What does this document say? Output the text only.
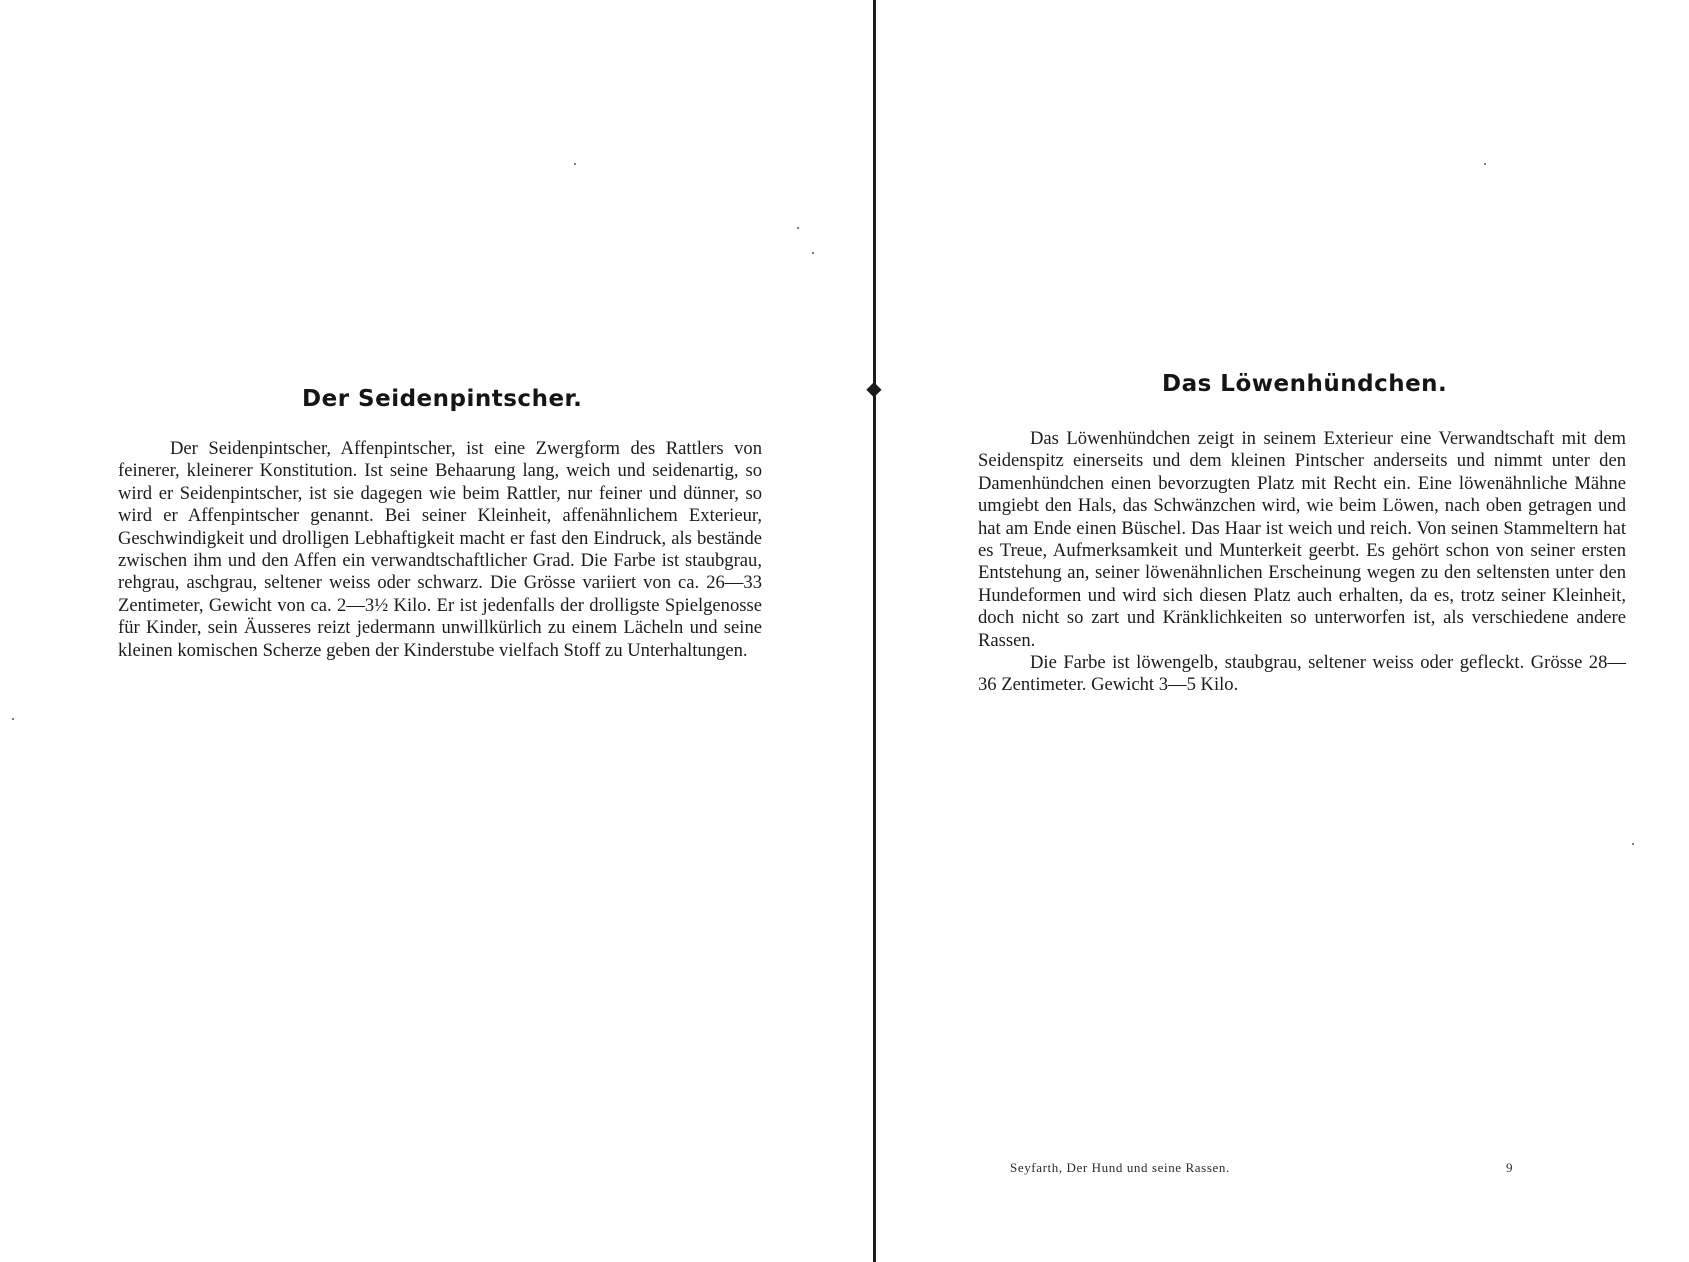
Der Seidenpintscher.

Der Seidenpintscher, Affenpintscher, ist eine Zwergform des Rattlers von feinerer, kleinerer Konstitution. Ist seine Behaarung lang, weich und seidenartig, so wird er Seidenpintscher, ist sie dagegen wie beim Rattler, nur feiner und dünner, so wird er Affenpintscher genannt. Bei seiner Kleinheit, affenähnlichem Exterieur, Geschwindigkeit und drolligen Lebhaftigkeit macht er fast den Eindruck, als bestände zwischen ihm und den Affen ein verwandtschaftlicher Grad. Die Farbe ist staubgrau, rehgrau, aschgrau, seltener weiss oder schwarz. Die Grösse variiert von ca. 26—33 Zentimeter, Gewicht von ca. 2—3½ Kilo. Er ist jedenfalls der drolligste Spielgenosse für Kinder, sein Äusseres reizt jedermann unwillkürlich zu einem Lächeln und seine kleinen komischen Scherze geben der Kinderstube vielfach Stoff zu Unterhaltungen.

◆	Das Löwenhündchen.

Das Löwenhündchen zeigt in seinem Exterieur eine Verwandtschaft mit dem Seidenspitz einerseits und dem kleinen Pintscher anderseits und nimmt unter den Damenhündchen einen bevorzugten Platz mit Recht ein. Eine löwenähnliche Mähne umgiebt den Hals, das Schwänzchen wird, wie beim Löwen, nach oben getragen und hat am Ende einen Büschel. Das Haar ist weich und reich. Von seinen Stammeltern hat es Treue, Aufmerksamkeit und Munterkeit geerbt. Es gehört schon von seiner ersten Entstehung an, seiner löwenähnlichen Erscheinung wegen zu den seltensten unter den Hundeformen und wird sich diesen Platz auch erhalten, da es, trotz seiner Kleinheit, doch nicht so zart und Kränklichkeiten so unterworfen ist, als verschiedene andere Rassen.

Die Farbe ist löwengelb, staubgrau, seltener weiss oder gefleckt. Grösse 28—36 Zentimeter. Gewicht 3—5 Kilo.

Seyfarth, Der Hund und seine Rassen.	9
